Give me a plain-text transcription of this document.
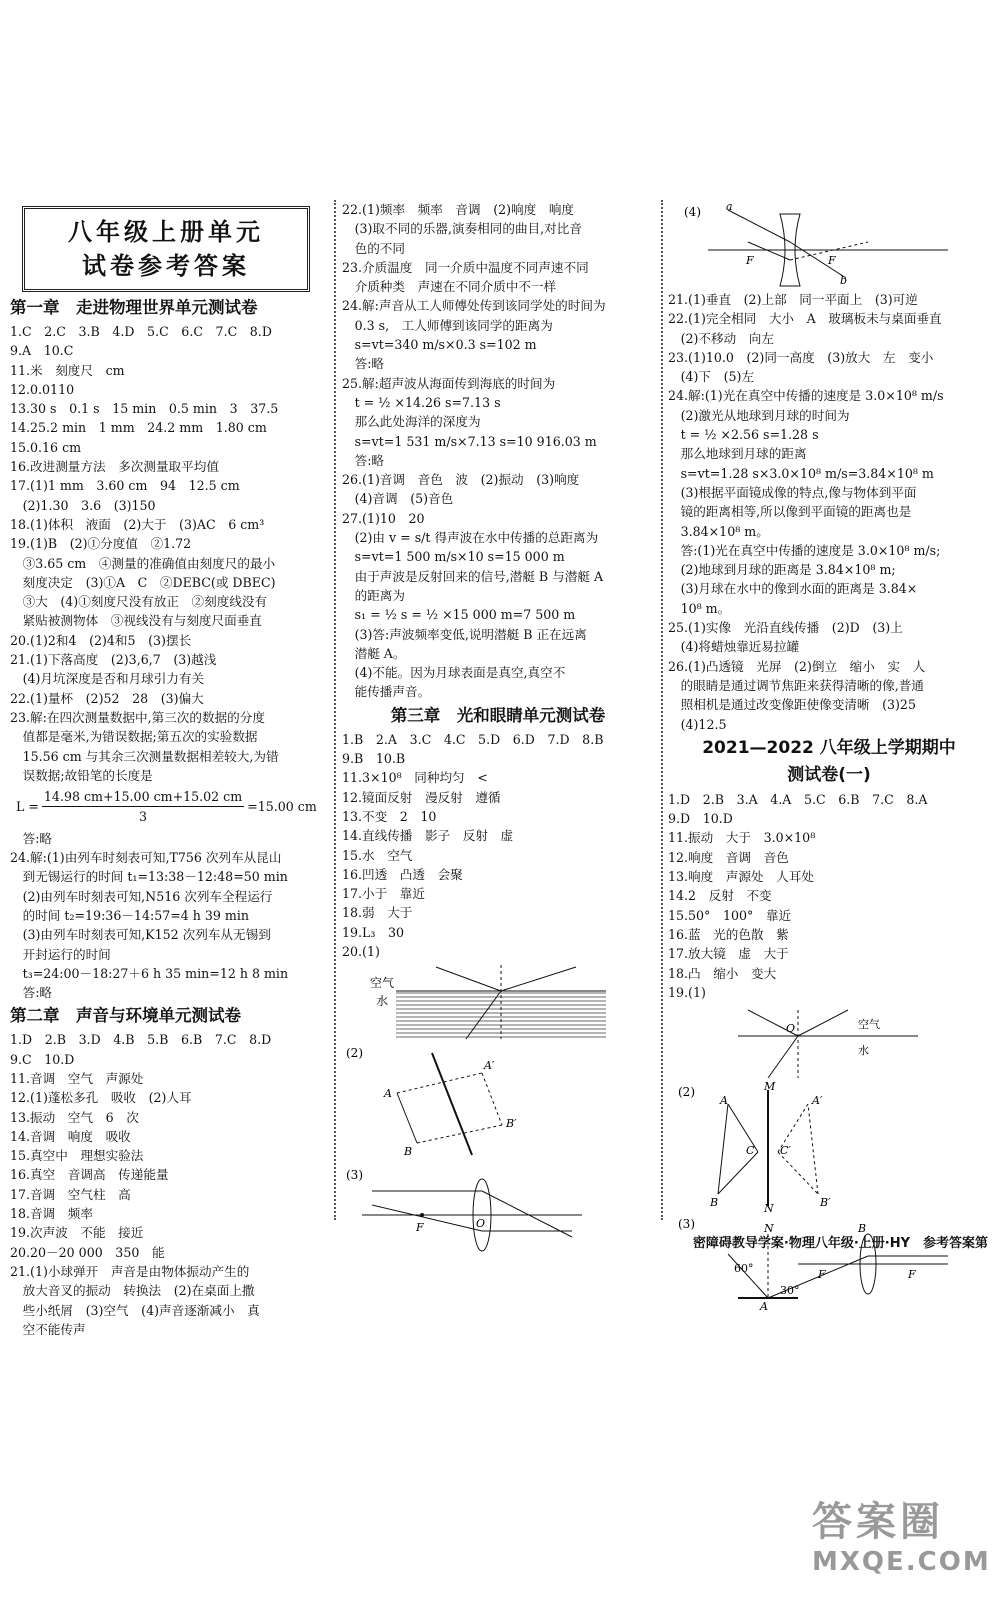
八年级上册单元
试卷参考答案
第一章　走进物理世界单元测试卷
1.C　2.C　3.B　4.D　5.C　6.C　7.C　8.D
9.A　10.C
11.米　刻度尺　cm
12.0.0110
13.30 s　0.1 s　15 min　0.5 min　3　37.5
14.25.2 min　1 mm　24.2 mm　1.80 cm
15.0.16 cm
16.改进测量方法　多次测量取平均值
17.(1)1 mm　3.60 cm　94　12.5 cm
　(2)1.30　3.6　(3)150
18.(1)体积　液面　(2)大于　(3)AC　6 cm³
19.(1)B　(2)①分度值　②1.72
　③3.65 cm　④测量的准确值由刻度尺的最小
　刻度决定　(3)①A　C　②DEBC(或 DBEC)
　③大　(4)①刻度尺没有放正　②刻度线没有
　紧贴被测物体　③视线没有与刻度尺面垂直
20.(1)2和4　(2)4和5　(3)摆长
21.(1)下落高度　(2)3,6,7　(3)越浅
　(4)月坑深度是否和月球引力有关
22.(1)量杯　(2)52　28　(3)偏大
23.解:在四次测量数据中,第三次的数据的分度
　值都是毫米,为错误数据;第五次的实验数据
　15.56 cm 与其余三次测量数据相差较大,为错
　误数据;故铅笔的长度是
$L = \frac{14.98 cm+15.00 cm+15.02 cm}{3} =15.00$ cm
　答:略
24.解:(1)由列车时刻表可知,T756 次列车从昆山
　到无锡运行的时间 t₁=13:38－12:48=50 min
　(2)由列车时刻表可知,N516 次列车全程运行
　的时间 t₂=19:36－14:57=4 h 39 min
　(3)由列车时刻表可知,K152 次列车从无锡到
　开封运行的时间
　t₃=24:00－18:27＋6 h 35 min=12 h 8 min
　答:略
第二章　声音与环境单元测试卷
1.D　2.B　3.D　4.B　5.B　6.B　7.C　8.D
9.C　10.D
11.音调　空气　声源处
12.(1)蓬松多孔　吸收　(2)人耳
13.振动　空气　6　次
14.音调　响度　吸收
15.真空中　理想实验法
16.真空　音调高　传递能量
17.音调　空气柱　高
18.音调　频率
19.次声波　不能　接近
20.20－20 000　350　能
21.(1)小球弹开　声音是由物体振动产生的
　放大音叉的振动　转换法　(2)在桌面上撒
　些小纸屑　(3)空气　(4)声音逐渐减小　真
　空不能传声
22.(1)频率　频率　音调　(2)响度　响度
　(3)取不同的乐器,演奏相同的曲目,对比音
　色的不同
23.介质温度　同一介质中温度不同声速不同
　介质种类　声速在不同介质中不一样
24.解:声音从工人师傅处传到该同学处的时间为
　0.3 s,　工人师傅到该同学的距离为
　s=vt=340 m/s×0.3 s=102 m
　答:略
25.解:超声波从海面传到海底的时间为
　t = ½ ×14.26 s=7.13 s
　那么此处海洋的深度为
　s=vt=1 531 m/s×7.13 s=10 916.03 m
　答:略
26.(1)音调　音色　波　(2)振动　(3)响度
　(4)音调　(5)音色
27.(1)10　20
　(2)由 v = s/t 得声波在水中传播的总距离为
　s=vt=1 500 m/s×10 s=15 000 m
　由于声波是反射回来的信号,潜艇 B 与潜艇 A
　的距离为
　s₁ = ½ s = ½ ×15 000 m=7 500 m
　(3)答:声波频率变低,说明潜艇 B 正在远离
　潜艇 A。
　(4)不能。因为月球表面是真空,真空不
　能传播声音。
第三章　光和眼睛单元测试卷
1.B　2.A　3.C　4.C　5.D　6.D　7.D　8.B
9.B　10.B
11.3×10⁸　同种均匀　<
12.镜面反射　漫反射　遵循
13.不变　2　10
14.直线传播　影子　反射　虚
15.水　空气
16.凹透　凸透　会聚
17.小于　靠近
18.弱　大于
19.L₃　30
20.(1)
空气
水
(2)
A
A′
B
B′
(3)
F	O
(4) a
b
F	F
21.(1)垂直　(2)上部　同一平面上　(3)可逆
22.(1)完全相同　大小　A　玻璃板未与桌面垂直
　(2)不移动　向左
23.(1)10.0　(2)同一高度　(3)放大　左　变小
　(4)下　(5)左
24.解:(1)光在真空中传播的速度是 3.0×10⁸ m/s
　(2)激光从地球到月球的时间为
　t = ½ ×2.56 s=1.28 s
　那么地球到月球的距离
　s=vt=1.28 s×3.0×10⁸ m/s=3.84×10⁸ m
　(3)根据平面镜成像的特点,像与物体到平面
　镜的距离相等,所以像到平面镜的距离也是
　3.84×10⁸ m。
　答:(1)光在真空中传播的速度是 3.0×10⁸ m/s;
　(2)地球到月球的距离是 3.84×10⁸ m;
　(3)月球在水中的像到水面的距离是 3.84×
　10⁸ m。
25.(1)实像　光沿直线传播　(2)D　(3)上
　(4)将蜡烛靠近易拉罐
26.(1)凸透镜　光屏　(2)倒立　缩小　实　人
　的眼睛是通过调节焦距来获得清晰的像,普通
　照相机是通过改变像距使像变清晰　(3)25
　(4)12.5
2021—2022 八年级上学期期中
测试卷(一)
1.D　2.B　3.A　4.A　5.C　6.B　7.C　8.A
9.D　10.D
11.振动　大于　3.0×10⁸
12.响度　音调　音色
13.响度　声源处　人耳处
14.2　反射　不变
15.50°　100°　靠近
16.蓝　光的色散　紫
17.放大镜　虚　大于
18.凸　缩小　变大
19.(1)
O	空气
水
(2)	M
N
A	A′
B	B′
C C′
(3)	N
60°
30°
A
B
F	F
密障碍教导学案·物理八年级·上册·HY　参考答案第
答案圈
MXQE.COM
